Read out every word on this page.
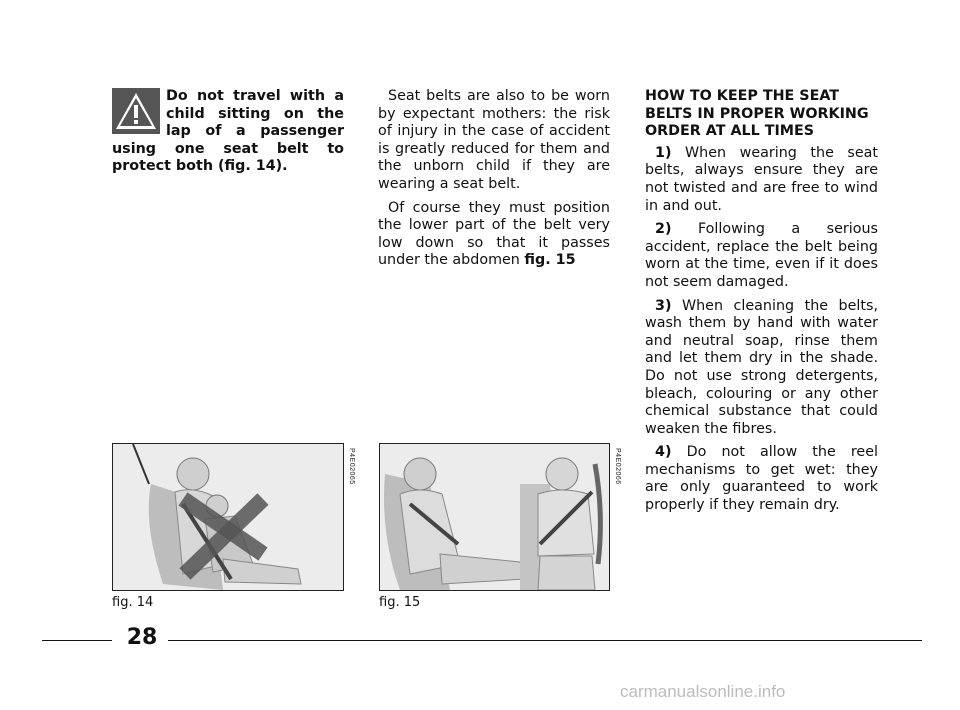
Do not travel with a child sitting on the lap of a passenger using one seat belt to protect both (fig. 14).

Seat belts are also to be worn by expectant mothers: the risk of injury in the case of accident is greatly reduced for them and the unborn child if they are wearing a seat belt.

Of course they must position the lower part of the belt very low down so that it passes under the abdomen fig. 15

HOW TO KEEP THE SEAT BELTS IN PROPER WORKING ORDER AT ALL TIMES

1) When wearing the seat belts, always ensure they are not twisted and are free to wind in and out.

2) Following a serious accident, replace the belt being worn at the time, even if it does not seem damaged.

3) When cleaning the belts, wash them by hand with water and neutral soap, rinse them and let them dry in the shade. Do not use strong detergents, bleach, colouring or any other chemical substance that could weaken the fibres.

4) Do not allow the reel mechanisms to get wet: they are only guaranteed to work properly if they remain dry.

P4E02065
fig. 14
P4E02066
fig. 15
28
carmanualsonline.info
